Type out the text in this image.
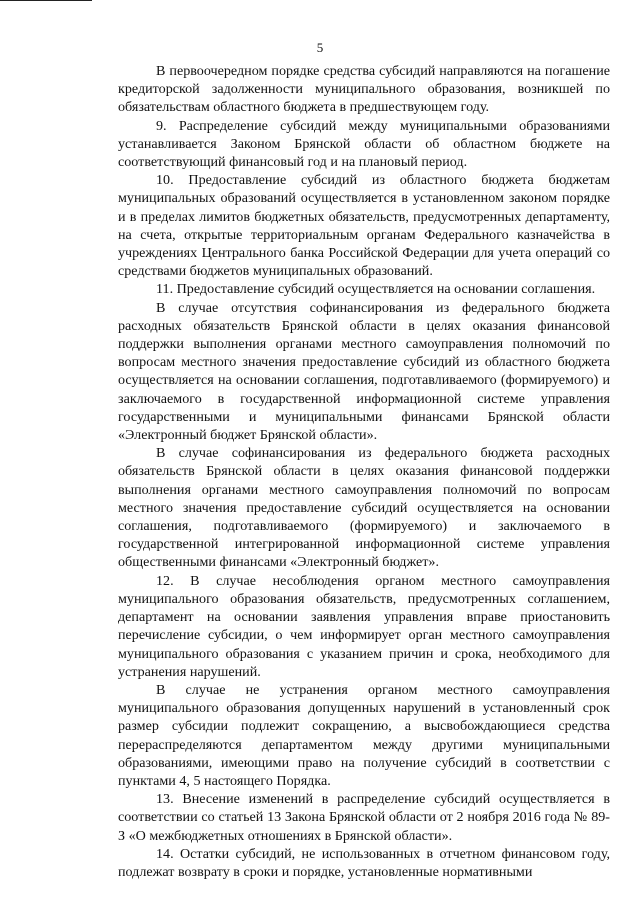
5

В первоочередном порядке средства субсидий направляются на погашение кредиторской задолженности муниципального образования, возникшей по обязательствам областного бюджета в предшествующем году.

9. Распределение субсидий между муниципальными образованиями устанавливается Законом Брянской области об областном бюджете на соответствующий финансовый год и на плановый период.

10. Предоставление субсидий из областного бюджета бюджетам муниципальных образований осуществляется в установленном законом порядке и в пределах лимитов бюджетных обязательств, предусмотренных департаменту, на счета, открытые территориальным органам Федерального казначейства в учреждениях Центрального банка Российской Федерации для учета операций со средствами бюджетов муниципальных образований.

11. Предоставление субсидий осуществляется на основании соглашения.

В случае отсутствия софинансирования из федерального бюджета расходных обязательств Брянской области в целях оказания финансовой поддержки выполнения органами местного самоуправления полномочий по вопросам местного значения предоставление субсидий из областного бюджета осуществляется на основании соглашения, подготавливаемого (формируемого) и заключаемого в государственной информационной системе управления государственными и муниципальными финансами Брянской области «Электронный бюджет Брянской области».

В случае софинансирования из федерального бюджета расходных обязательств Брянской области в целях оказания финансовой поддержки выполнения органами местного самоуправления полномочий по вопросам местного значения предоставление субсидий осуществляется на основании соглашения, подготавливаемого (формируемого) и заключаемого в государственной интегрированной информационной системе управления общественными финансами «Электронный бюджет».

12. В случае несоблюдения органом местного самоуправления муниципального образования обязательств, предусмотренных соглашением, департамент на основании заявления управления вправе приостановить перечисление субсидии, о чем информирует орган местного самоуправления муниципального образования с указанием причин и срока, необходимого для устранения нарушений.

В случае не устранения органом местного самоуправления муниципального образования допущенных нарушений в установленный срок размер субсидии подлежит сокращению, а высвобождающиеся средства перераспределяются департаментом между другими муниципальными образованиями, имеющими право на получение субсидий в соответствии с пунктами 4, 5 настоящего Порядка.

13. Внесение изменений в распределение субсидий осуществляется в соответствии со статьей 13 Закона Брянской области от 2 ноября 2016 года № 89-З «О межбюджетных отношениях в Брянской области».

14. Остатки субсидий, не использованных в отчетном финансовом году, подлежат возврату в сроки и порядке, установленные нормативными
